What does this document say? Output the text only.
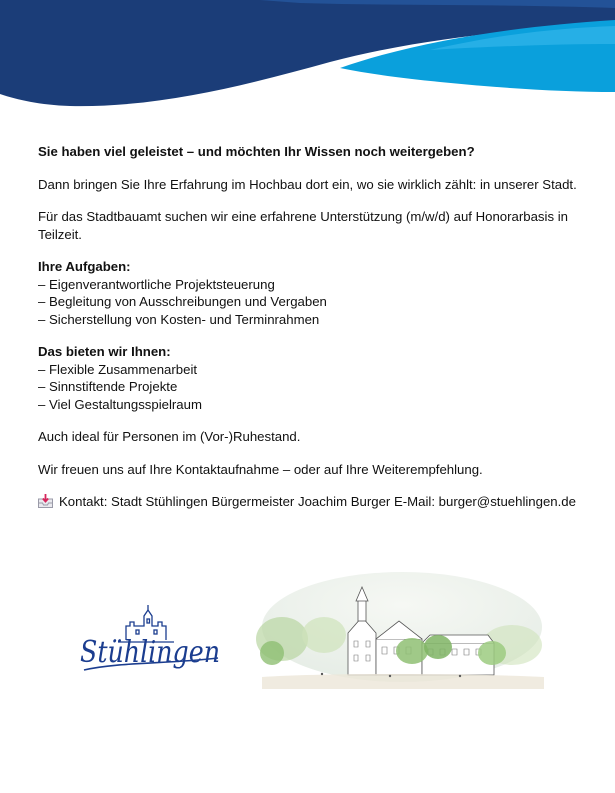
Sie haben viel geleistet – und möchten Ihr Wissen noch weitergeben?

Dann bringen Sie Ihre Erfahrung im Hochbau dort ein, wo sie wirklich zählt: in unserer Stadt.

Für das Stadtbauamt suchen wir eine erfahrene Unterstützung (m/w/d) auf Honorarbasis in Teilzeit.

Ihre Aufgaben:
– Eigenverantwortliche Projektsteuerung
– Begleitung von Ausschreibungen und Vergaben
– Sicherstellung von Kosten- und Terminrahmen

Das bieten wir Ihnen:
– Flexible Zusammenarbeit
– Sinnstiftende Projekte
– Viel Gestaltungsspielraum

Auch ideal für Personen im (Vor-)Ruhestand.

Wir freuen uns auf Ihre Kontaktaufnahme – oder auf Ihre Weiterempfehlung.

Kontakt: Stadt Stühlingen Bürgermeister Joachim Burger E-Mail: burger@stuehlingen.de

Stühlingen
